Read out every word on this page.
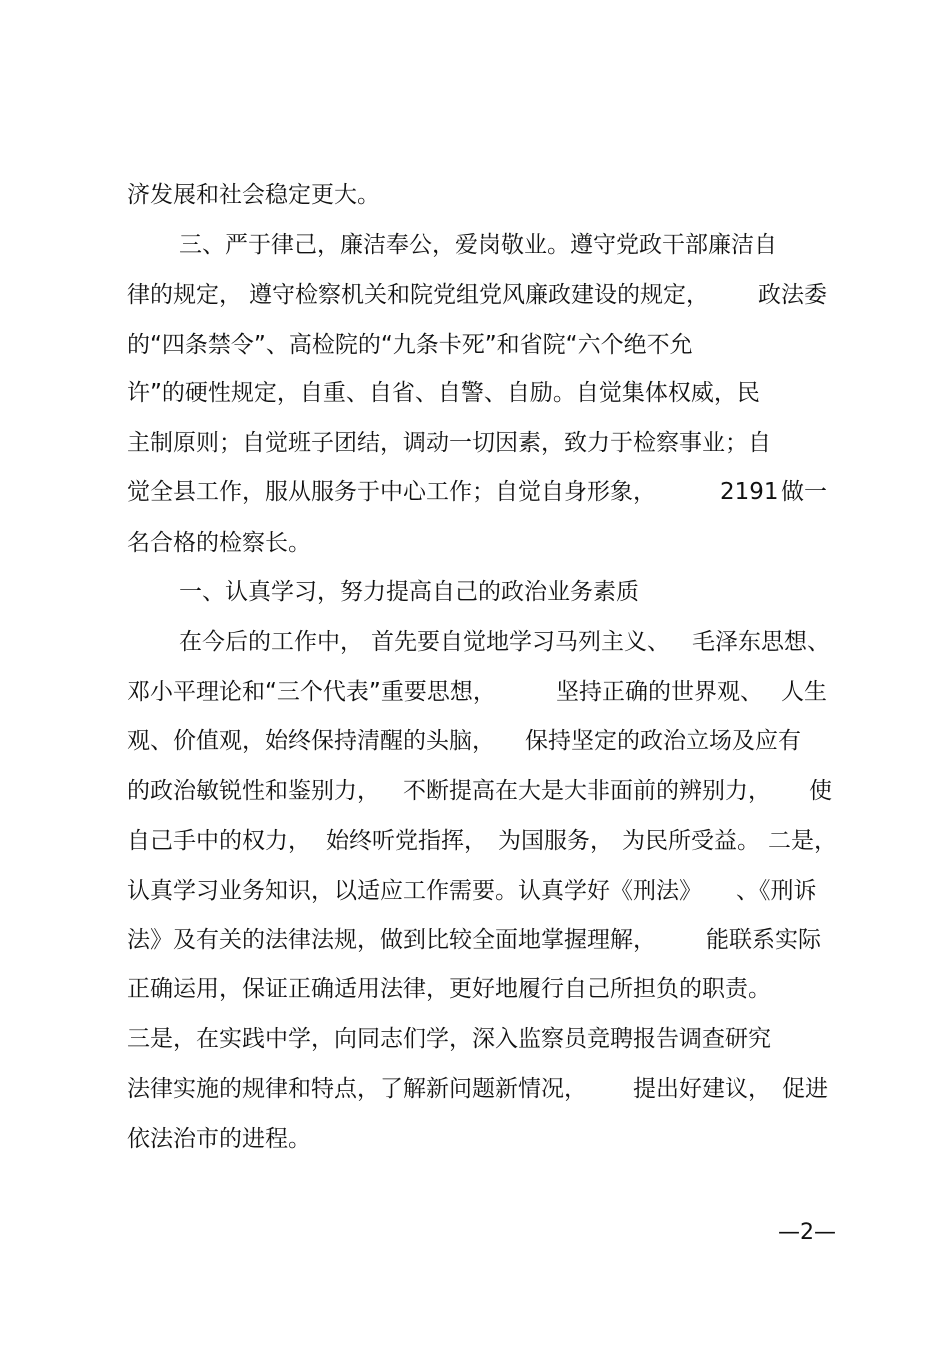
济发展和社会稳定更大。

三、严于律己，廉洁奉公，爱岗敬业。遵守党政干部廉洁自

律的规定，

遵守检察机关和院党组党风廉政建设的规定，

政法委

的“四条禁令”、高检院的“九条卡死”和省院“六个绝不允

许”的硬性规定，自重、自省、自警、自励。自觉集体权威，民

主制原则；自觉班子团结，调动一切因素，致力于检察事业；自

觉全县工作，服从服务于中心工作；自觉自身形象，

	2191

做一

名合格的检察长。

一、认真学习，努力提高自己的政治业务素质

在今后的工作中，

首先要自觉地学习马列主义、

毛泽东思想、

邓小平理论和“三个代表”重要思想，

	坚持正确的世界观、

人生

观、价值观，始终保持清醒的头脑，

保持坚定的政治立场及应有

的政治敏锐性和鉴别力，

不断提高在大是大非面前的辨别力，

使

自己手中的权力，

始终听党指挥，

为国服务，

为民所受益。

二是，

认真学习业务知识，以适应工作需要。认真学好《刑法》

、《刑诉

法》及有关的法律法规，做到比较全面地掌握理解，

能联系实际

正确运用，保证正确适用法律，更好地履行自己所担负的职责。

三是，在实践中学，向同志们学，深入监察员竞聘报告调查研究

法律实施的规律和特点，了解新问题新情况，

提出好建议，

促进

依法治市的进程。

—2—
